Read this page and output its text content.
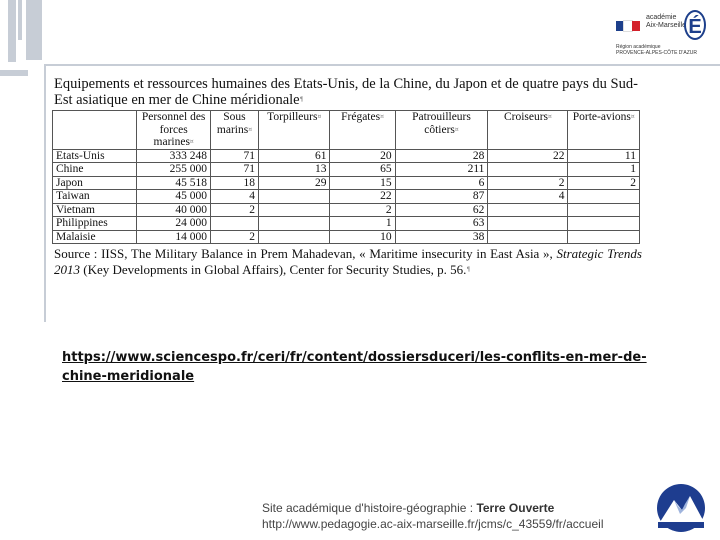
académie
Aix-Marseille É
Région académique
PROVENCE-ALPES-CÔTE D'AZUR
Equipements et ressources humaines des Etats-Unis, de la Chine, du Japon et de quatre pays du Sud-Est asiatique en mer de Chine méridionale¶
	Personnel des forces marines¤	Sous marins¤	Torpilleurs¤	Frégates¤	Patrouilleurs côtiers¤	Croiseurs¤	Porte-avions¤
Etats-Unis	333 248	71	61	20	28	22	11
Chine	255 000	71	13	65	211		1
Japon	45 518	18	29	15	6	2	2
Taiwan	45 000	4		22	87	4	
Vietnam	40 000	2		2	62		
Philippines	24 000			1	63		
Malaisie	14 000	2		10	38		
Source : IISS, The Military Balance in Prem Mahadevan, « Maritime insecurity in East Asia », Strategic Trends 2013 (Key Developments in Global Affairs), Center for Security Studies, p. 56.¶
https://www.sciencespo.fr/ceri/fr/content/dossiersduceri/les-conflits-en-mer-de-chine-meridionale
Site académique d'histoire-géographie : Terre Ouverte
http://www.pedagogie.ac-aix-marseille.fr/jcms/c_43559/fr/accueil
